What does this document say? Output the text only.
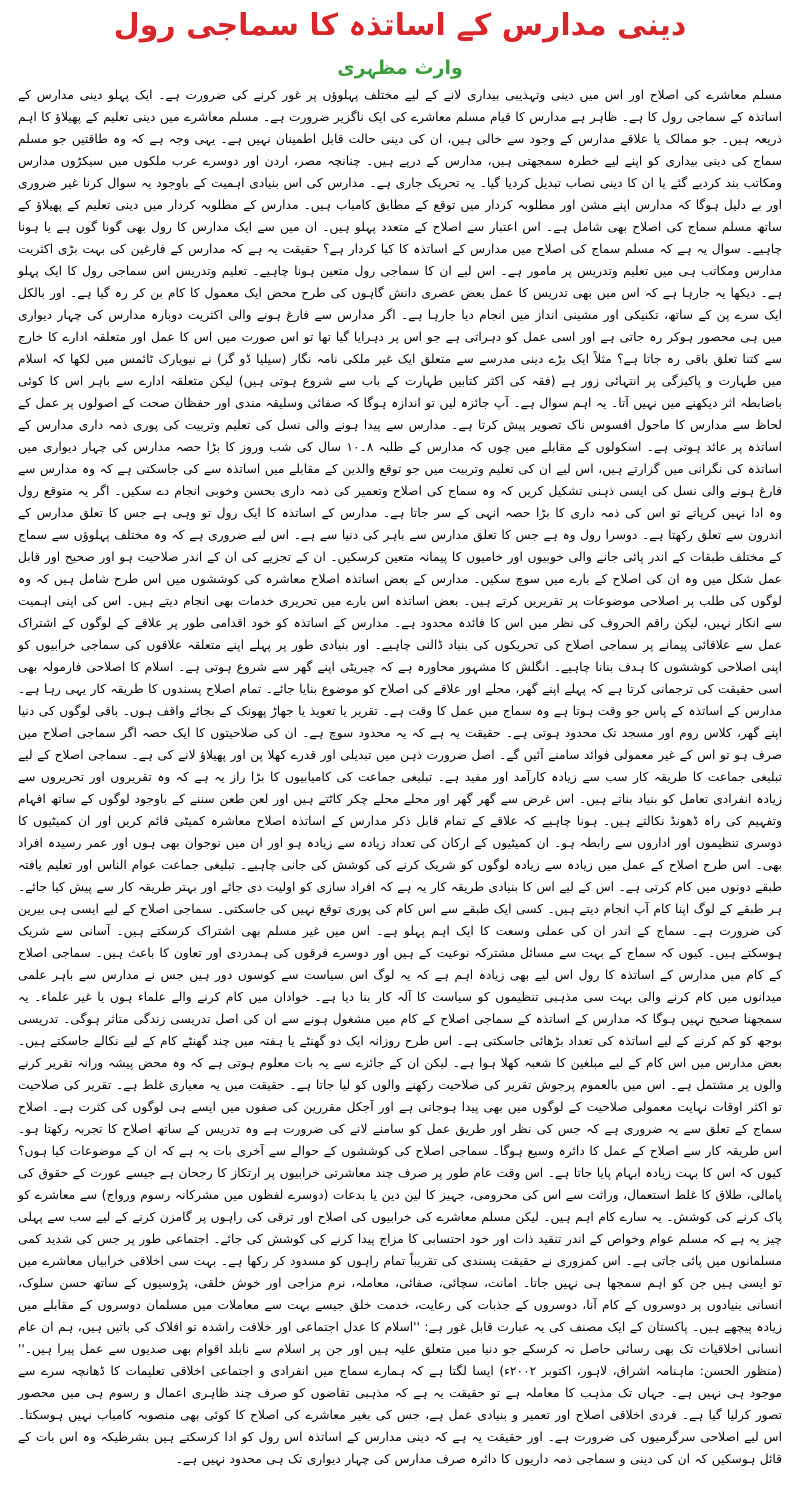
دینی مدارس کے اساتذہ کا سماجی رول
وارث مظہری

مسلم معاشرے کی اصلاح اور اس میں دینی وتہذیبی بیداری لانے کے لیے مختلف پہلوؤں پر غور کرنے کی ضرورت ہے۔ ایک پہلو دینی مدارس کے اساتذہ کے سماجی رول کا ہے۔ ظاہر ہے مدارس کا قیام مسلم معاشرے کی ایک ناگزیر ضرورت ہے۔ مسلم معاشرے میں دینی تعلیم کے پھیلاؤ کا اہم ذریعہ ہیں۔ جو ممالک یا علاقے مدارس کے وجود سے خالی ہیں، ان کی دینی حالت قابل اطمینان نہیں ہے۔ یہی وجہ ہے کہ وہ طاقتیں جو مسلم سماج کی دینی بیداری کو اپنے لیے خطرہ سمجھتی ہیں، مدارس کے درپے ہیں۔ چنانچہ مصر، اردن اور دوسرے عرب ملکوں میں سیکڑوں مدارس ومکاتب بند کردیے گئے یا ان کا دینی نصاب تبدیل کردیا گیا۔ یہ تحریک جاری ہے۔ مدارس کی اس بنیادی اہمیت کے باوجود یہ سوال کرنا غیر ضروری اور بے دلیل ہوگا کہ مدارس اپنے مشن اور مطلوبہ کردار میں توقع کے مطابق کامیاب ہیں۔ مدارس کے مطلوبہ کردار میں دینی تعلیم کے پھیلاؤ کے ساتھ مسلم سماج کی اصلاح بھی شامل ہے۔ اس اعتبار سے اصلاح کے متعدد پہلو ہیں۔ ان میں سے ایک مدارس کا رول بھی گونا گوں ہے یا ہونا چاہیے۔ سوال یہ ہے کہ مسلم سماج کی اصلاح میں مدارس کے اساتذہ کا کیا کردار ہے؟ حقیقت یہ ہے کہ مدارس کے فارغین کی بہت بڑی اکثریت مدارس ومکاتب ہی میں تعلیم وتدریس پر مامور ہے۔ اس لیے ان کا سماجی رول متعین ہونا چاہیے۔ تعلیم وتدریس اس سماجی رول کا ایک پہلو ہے۔ دیکھا یہ جارہا ہے کہ اس میں بھی تدریس کا عمل بعض عصری دانش گاہوں کی طرح محض ایک معمول کا کام بن کر رہ گیا ہے۔ اور بالکل ایک سرے پن کے ساتھ، تکنیکی اور مشینی انداز میں انجام دیا جارہا ہے۔ اگر مدارس سے فارغ ہونے والی اکثریت دوبارہ مدارس کی چہار دیواری میں ہی محصور ہوکر رہ جاتی ہے اور اسی عمل کو دہراتی ہے جو اس پر دہرایا گیا تھا تو اس صورت میں اس کا عمل اور متعلقہ ادارے کا خارج سے کتنا تعلق باقی رہ جاتا ہے؟ مثلاً ایک بڑے دینی مدرسے سے متعلق ایک غیر ملکی نامہ نگار (سیلیا ڈو گر) نے نیویارک ٹائمس میں لکھا کہ اسلام میں طہارت و پاکیزگی پر انتہائی زور ہے (فقہ کی اکثر کتابیں طہارت کے باب سے شروع ہوتی ہیں) لیکن متعلقہ ادارے سے باہر اس کا کوئی باضابطہ اثر دیکھنے میں نہیں آتا۔ یہ اہم سوال ہے۔ آپ جائزہ لیں تو اندازہ ہوگا کہ صفائی وسلیقہ مندی اور حفظان صحت کے اصولوں پر عمل کے لحاظ سے مدارس کا ماحول افسوس ناک تصویر پیش کرتا ہے۔ مدارس سے پیدا ہونے والی نسل کی تعلیم وتربیت کی پوری ذمہ داری مدارس کے اساتذہ پر عائد ہوتی ہے۔ اسکولوں کے مقابلے میں چوں کہ مدارس کے طلبہ ۸۔۱۰ سال کی شب وروز کا بڑا حصہ مدارس کی چہار دیواری میں اساتذہ کی نگرانی میں گزارتے ہیں، اس لیے ان کی تعلیم وتربیت میں جو توقع والدین کے مقابلے میں اساتذہ سے کی جاسکتی ہے کہ وہ مدارس سے فارغ ہونے والی نسل کی ایسی ذہنی تشکیل کریں کہ وہ سماج کی اصلاح وتعمیر کی ذمہ داری بحسن وخوبی انجام دے سکیں۔ اگر یہ متوقع رول وہ ادا نہیں کرپاتے تو اس کی ذمہ داری کا بڑا حصہ انہی کے سر جاتا ہے۔ مدارس کے اساتذہ کا ایک رول تو وہی ہے جس کا تعلق مدارس کے اندرون سے تعلق رکھتا ہے۔ دوسرا رول وہ ہے جس کا تعلق مدارس سے باہر کی دنیا سے ہے۔ اس لیے ضروری ہے کہ وہ مختلف پہلوؤں سے سماج کے مختلف طبقات کے اندر پائی جانے والی خوبیوں اور خامیوں کا پیمانہ متعین کرسکیں۔ ان کے تجزیے کی ان کے اندر صلاحیت ہو اور صحیح اور قابل عمل شکل میں وہ ان کی اصلاح کے بارے میں سوچ سکیں۔ مدارس کے بعض اساتذہ اصلاح معاشرہ کی کوششوں میں اس طرح شامل ہیں کہ وہ لوگوں کی طلب پر اصلاحی موضوعات پر تقریریں کرتے ہیں۔ بعض اساتذہ اس بارے میں تحریری خدمات بھی انجام دیتے ہیں۔ اس کی اپنی اہمیت سے انکار نہیں، لیکن راقم الحروف کی نظر میں اس کا فائدہ محدود ہے۔ مدارس کے اساتذہ کو خود اقدامی طور پر علاقے کے لوگوں کے اشتراک عمل سے علاقائی پیمانے پر سماجی اصلاح کی تحریکوں کی بنیاد ڈالنی چاہیے۔ اور بنیادی طور پر پہلے اپنے متعلقہ علاقوں کی سماجی خرابیوں کو اپنی اصلاحی کوششوں کا ہدف بنانا چاہیے۔ انگلش کا مشہور محاورہ ہے کہ چیریٹی اپنے گھر سے شروع ہوتی ہے۔ اسلام کا اصلاحی فارمولہ بھی اسی حقیقت کی ترجمانی کرتا ہے کہ پہلے اپنے گھر، محلے اور علاقے کی اصلاح کو موضوع بنایا جائے۔ تمام اصلاح پسندوں کا طریقہ کار یہی رہا ہے۔ مدارس کے اساتذہ کے پاس جو وقت ہوتا ہے وہ سماج میں عمل کا وقت ہے۔ تقریر یا تعویذ یا جھاڑ پھونک کے بجائے واقف ہوں۔ باقی لوگوں کی دنیا اپنے گھر، کلاس روم اور مسجد تک محدود ہوتی ہے۔ حقیقت یہ ہے کہ یہ محدود سوچ ہے۔ ان کی صلاحیتوں کا ایک حصہ اگر سماجی اصلاح میں صرف ہو تو اس کے غیر معمولی فوائد سامنے آئیں گے۔ اصل ضرورت ذہن میں تبدیلی اور قدرے کھلا پن اور پھیلاؤ لانے کی ہے۔ سماجی اصلاح کے لیے تبلیغی جماعت کا طریقہ کار سب سے زیادہ کارآمد اور مفید ہے۔ تبلیغی جماعت کی کامیابیوں کا بڑا راز یہ ہے کہ وہ تقریروں اور تحریروں سے زیادہ انفرادی تعامل کو بنیاد بناتے ہیں۔ اس غرض سے گھر گھر اور محلے محلے چکر کاٹتے ہیں اور لعن طعن سننے کے باوجود لوگوں کے ساتھ افہام وتفہیم کی راہ ڈھونڈ نکالتے ہیں۔ ہونا چاہیے کہ علاقے کے تمام قابل ذکر مدارس کے اساتذہ اصلاح معاشرہ کمیٹی قائم کریں اور ان کمیٹیوں کا دوسری تنظیموں اور اداروں سے رابطہ ہو۔ ان کمیٹیوں کے ارکان کی تعداد زیادہ سے زیادہ ہو اور ان میں نوجوان بھی ہوں اور عمر رسیدہ افراد بھی۔ اس طرح اصلاح کے عمل میں زیادہ سے زیادہ لوگوں کو شریک کرنے کی کوشش کی جانی چاہیے۔ تبلیغی جماعت عوام الناس اور تعلیم یافتہ طبقے دونوں میں کام کرتی ہے۔ اس کے لیے اس کا بنیادی طریقہ کار یہ ہے کہ افراد سازی کو اولیت دی جائے اور بہتر طریقہ کار سے پیش کیا جائے۔ ہر طبقے کے لوگ اپنا کام آپ انجام دیتے ہیں۔ کسی ایک طبقے سے اس کام کی پوری توقع نہیں کی جاسکتی۔ سماجی اصلاح کے لیے ایسی ہی بیرین کی ضرورت ہے۔ سماج کے اندر ان کی عملی وسعت کا ایک اہم پہلو ہے۔ اس میں غیر مسلم بھی اشتراک کرسکتے ہیں۔ آسانی سے شریک ہوسکتے ہیں۔ کیوں کہ سماج کے بہت سے مسائل مشترکہ نوعیت کے ہیں اور دوسرے فرقوں کی ہمدردی اور تعاون کا باعث ہیں۔ سماجی اصلاح کے کام میں مدارس کے اساتذہ کا رول اس لیے بھی زیادہ اہم ہے کہ یہ لوگ اس سیاست سے کوسوں دور ہیں جس نے مدارس سے باہر علمی میدانوں میں کام کرنے والی بہت سی مذہبی تنظیموں کو سیاست کا آلہ کار بنا دیا ہے۔ خوادان میں کام کرنے والے علماء ہوں یا غیر علماء۔ یہ سمجھنا صحیح نہیں ہوگا کہ مدارس کے اساتذہ کے سماجی اصلاح کے کام میں مشغول ہونے سے ان کی اصل تدریسی زندگی متاثر ہوگی۔ تدریسی بوجھ کو کم کرنے کے لیے اساتذہ کی تعداد بڑھائی جاسکتی ہے۔ اس طرح روزانہ ایک دو گھنٹے یا ہفتہ میں چند گھنٹے کام کے لیے نکالے جاسکتے ہیں۔ بعض مدارس میں اس کام کے لیے مبلغین کا شعبہ کھلا ہوا ہے۔ لیکن ان کے جائزے سے یہ بات معلوم ہوتی ہے کہ وہ محض پیشہ ورانہ تقریر کرنے والوں پر مشتمل ہے۔ اس میں بالعموم پرجوش تقریر کی صلاحیت رکھنے والوں کو لیا جاتا ہے۔ حقیقت میں یہ معیاری غلط ہے۔ تقریر کی صلاحیت تو اکثر اوقات نہایت معمولی صلاحیت کے لوگوں میں بھی پیدا ہوجاتی ہے اور آجکل مقررین کی صفوں میں ایسے ہی لوگوں کی کثرت ہے۔ اصلاح سماج کے تعلق سے یہ ضروری ہے کہ جس کی نظر اور طریق عمل کو سامنے لانے کی ضرورت ہے وہ تدریس کے ساتھ اصلاح کا تجربہ رکھتا ہو۔ اس طریقہ کار سے اصلاح کے عمل کا دائرہ وسیع ہوگا۔ سماجی اصلاح کی کوششوں کے حوالے سے آخری بات یہ ہے کہ ان کے موضوعات کیا ہوں؟ کیوں کہ اس کا بہت زیادہ ابہام پایا جاتا ہے۔ اس وقت عام طور پر صرف چند معاشرتی خرابیوں پر ارتکاز کا رجحان ہے جیسے عورت کے حقوق کی پامالی، طلاق کا غلط استعمال، وراثت سے اس کی محرومی، جہیز کا لین دین یا بدعات (دوسرے لفظوں میں مشرکانہ رسوم ورواج) سے معاشرے کو پاک کرنے کی کوشش۔ یہ سارے کام اہم ہیں۔ لیکن مسلم معاشرے کی خرابیوں کی اصلاح اور ترقی کی راہوں پر گامزن کرنے کے لیے سب سے پہلی چیز یہ ہے کہ مسلم عوام وخواص کے اندر تنقید ذات اور خود احتسابی کا مزاج پیدا کرنے کی کوشش کی جائے۔ اجتماعی طور پر جس کی شدید کمی مسلمانوں میں پائی جاتی ہے۔ اس کمزوری نے حقیقت پسندی کی تقریباً تمام راہوں کو مسدود کر رکھا ہے۔ بہت سی اخلاقی خرابیاں معاشرے میں تو ایسی ہیں جن کو اہم سمجھا ہی نہیں جاتا۔ امانت، سچائی، صفائی، معاملہ، نرم مزاجی اور خوش خلقی، پڑوسیوں کے ساتھ حسن سلوک، انسانی بنیادوں پر دوسروں کے کام آنا، دوسروں کے جذبات کی رعایت، خدمت خلق جیسے بہت سے معاملات میں مسلمان دوسروں کے مقابلے میں زیادہ پیچھے ہیں۔ پاکستان کے ایک مصنف کی یہ عبارت قابل غور ہے: ''اسلام کا عدل اجتماعی اور خلافت راشدہ تو افلاک کی باتیں ہیں، ہم ان عام انسانی اخلاقیات تک بھی رسائی حاصل نہ کرسکے جو دنیا میں متعلق علیہ ہیں اور جن پر اسلام سے نابلد اقوام بھی صدیوں سے عمل پیرا ہیں۔'' (منظور الحسن: ماہنامہ اشراق، لاہور، اکتوبر ۲۰۰۲ء) ایسا لگتا ہے کہ ہمارے سماج میں انفرادی و اجتماعی اخلاقی تعلیمات کا ڈھانچہ سرے سے موجود ہی نہیں ہے۔ جہاں تک مذہب کا معاملہ ہے تو حقیقت یہ ہے کہ مذہبی تقاضوں کو صرف چند ظاہری اعمال و رسوم ہی میں محصور تصور کرلیا گیا ہے۔ فردی اخلاقی اصلاح اور تعمیر و بنیادی عمل ہے، جس کی بغیر معاشرے کی اصلاح کا کوئی بھی منصوبہ کامیاب نہیں ہوسکتا۔ اس لیے اصلاحی سرگرمیوں کی ضرورت ہے۔ اور حقیقت یہ ہے کہ دینی مدارس کے اساتذہ اس رول کو ادا کرسکتے ہیں بشرطیکہ وہ اس بات کے قائل ہوسکیں کہ ان کی دینی و سماجی ذمہ داریوں کا دائرہ صرف مدارس کی چہار دیواری تک ہی محدود نہیں ہے۔
